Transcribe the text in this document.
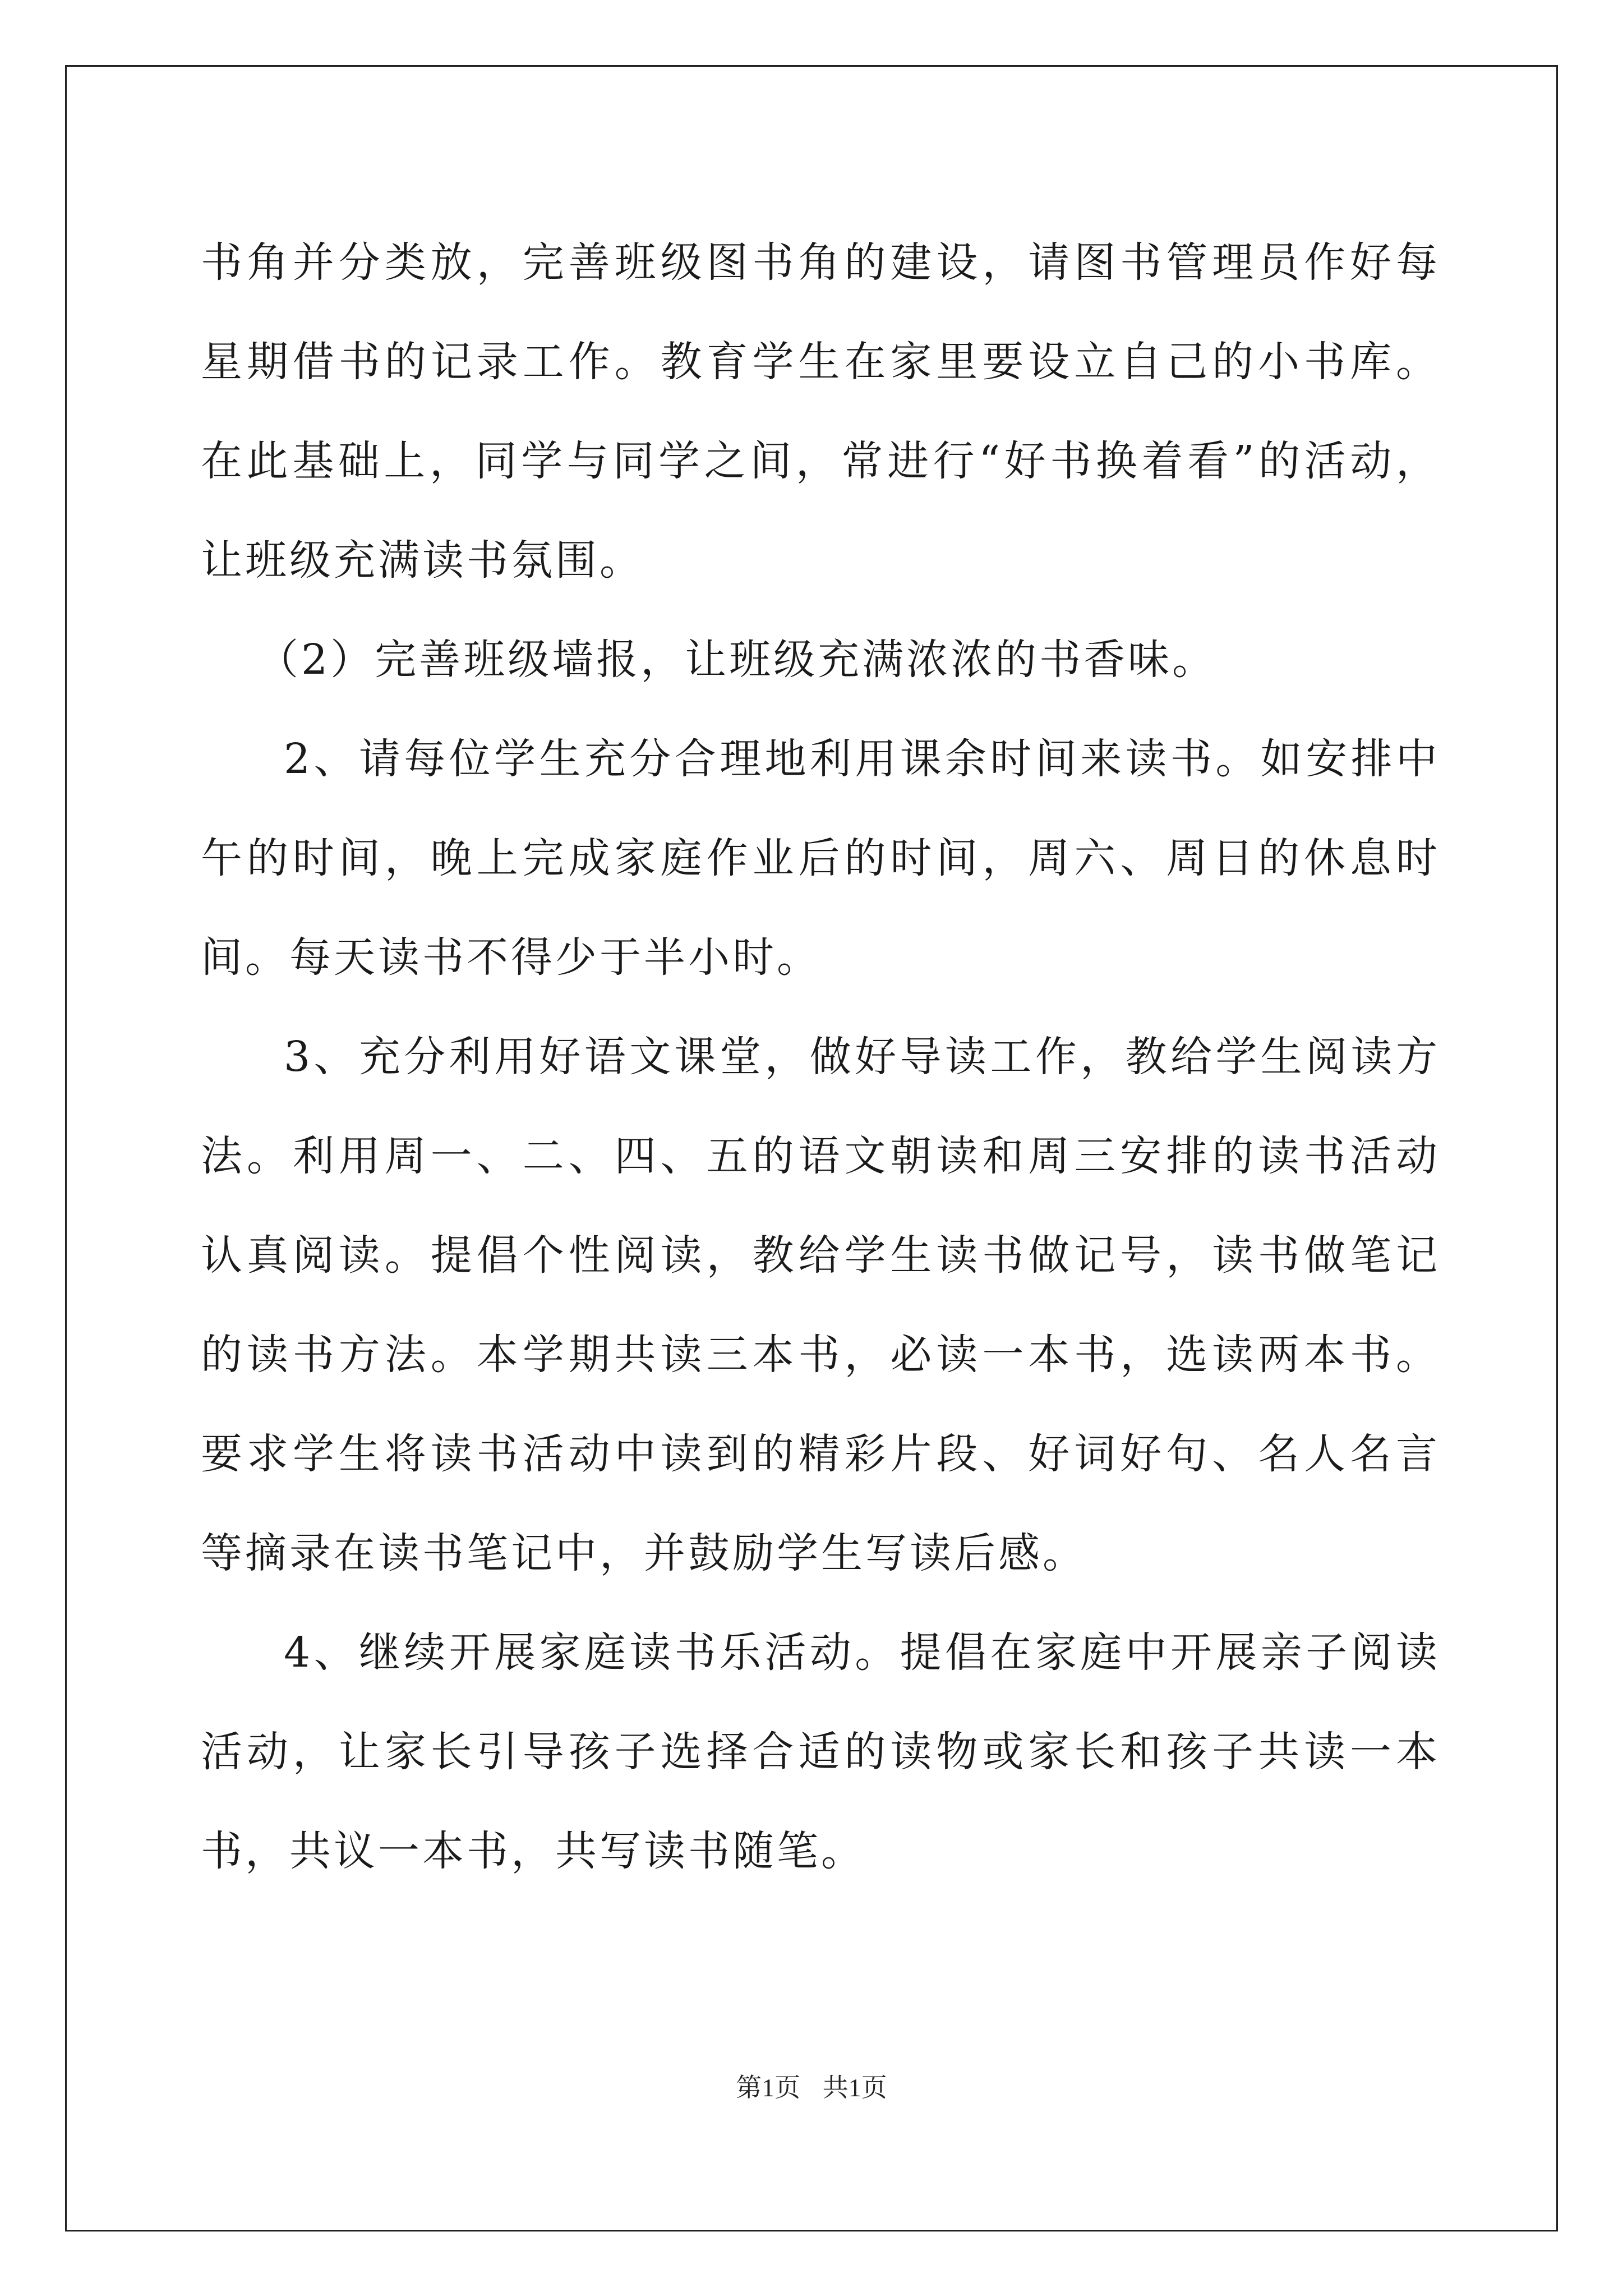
书角并分类放，完善班级图书角的建设，请图书管理员作好每星期借书的记录工作。教育学生在家里要设立自己的小书库。在此基础上，同学与同学之间，常进行“好书换着看”的活动，让班级充满读书氛围。

（2）完善班级墙报，让班级充满浓浓的书香味。

2、请每位学生充分合理地利用课余时间来读书。如安排中午的时间，晚上完成家庭作业后的时间，周六、周日的休息时间。每天读书不得少于半小时。

3、充分利用好语文课堂，做好导读工作，教给学生阅读方法。利用周一、二、四、五的语文朝读和周三安排的读书活动认真阅读。提倡个性阅读，教给学生读书做记号，读书做笔记的读书方法。本学期共读三本书，必读一本书，选读两本书。要求学生将读书活动中读到的精彩片段、好词好句、名人名言等摘录在读书笔记中，并鼓励学生写读后感。

4、继续开展家庭读书乐活动。提倡在家庭中开展亲子阅读活动，让家长引导孩子选择合适的读物或家长和孩子共读一本书，共议一本书，共写读书随笔。

第1页 共1页
